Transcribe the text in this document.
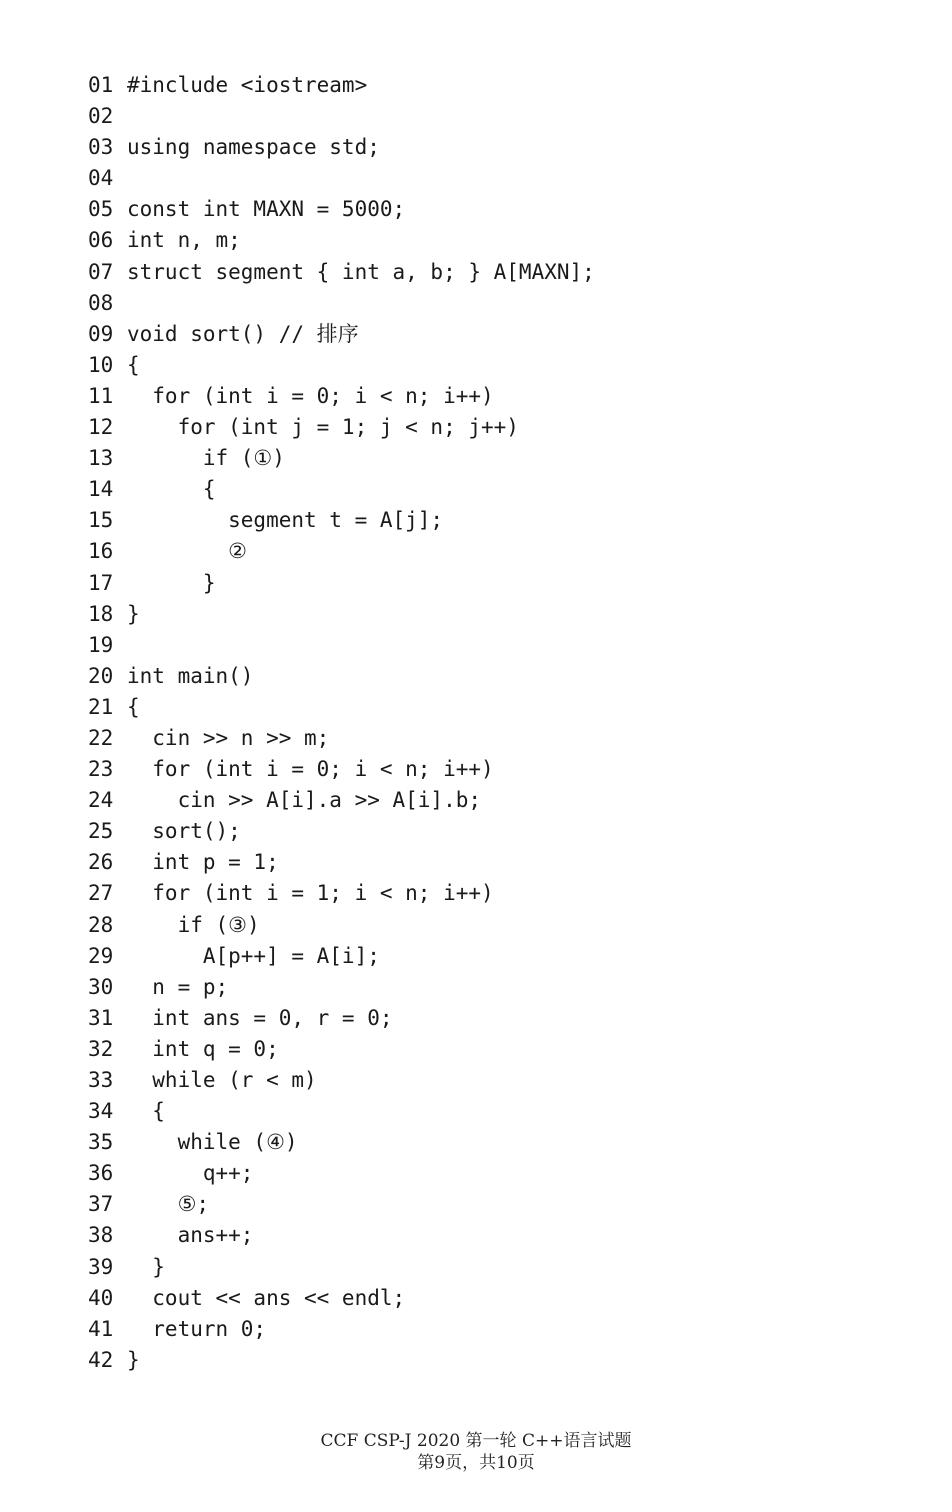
01 #include <iostream>
02
03 using namespace std;
04
05 const int MAXN = 5000;
06 int n, m;
07 struct segment { int a, b; } A[MAXN];
08
09 void sort() // 排序
10 {
11  for (int i = 0; i < n; i++)
12    for (int j = 1; j < n; j++)
13      if (①)
14      {
15        segment t = A[j];
16        ②
17      }
18 }
19
20 int main()
21 {
22  cin >> n >> m;
23  for (int i = 0; i < n; i++)
24    cin >> A[i].a >> A[i].b;
25  sort();
26  int p = 1;
27  for (int i = 1; i < n; i++)
28    if (③)
29      A[p++] = A[i];
30  n = p;
31  int ans = 0, r = 0;
32  int q = 0;
33  while (r < m)
34  {
35    while (④)
36      q++;
37    ⑤;
38    ans++;
39  }
40  cout << ans << endl;
41  return 0;
42 }
CCF CSP-J 2020 第一轮 C++语言试题
第9页，共10页
